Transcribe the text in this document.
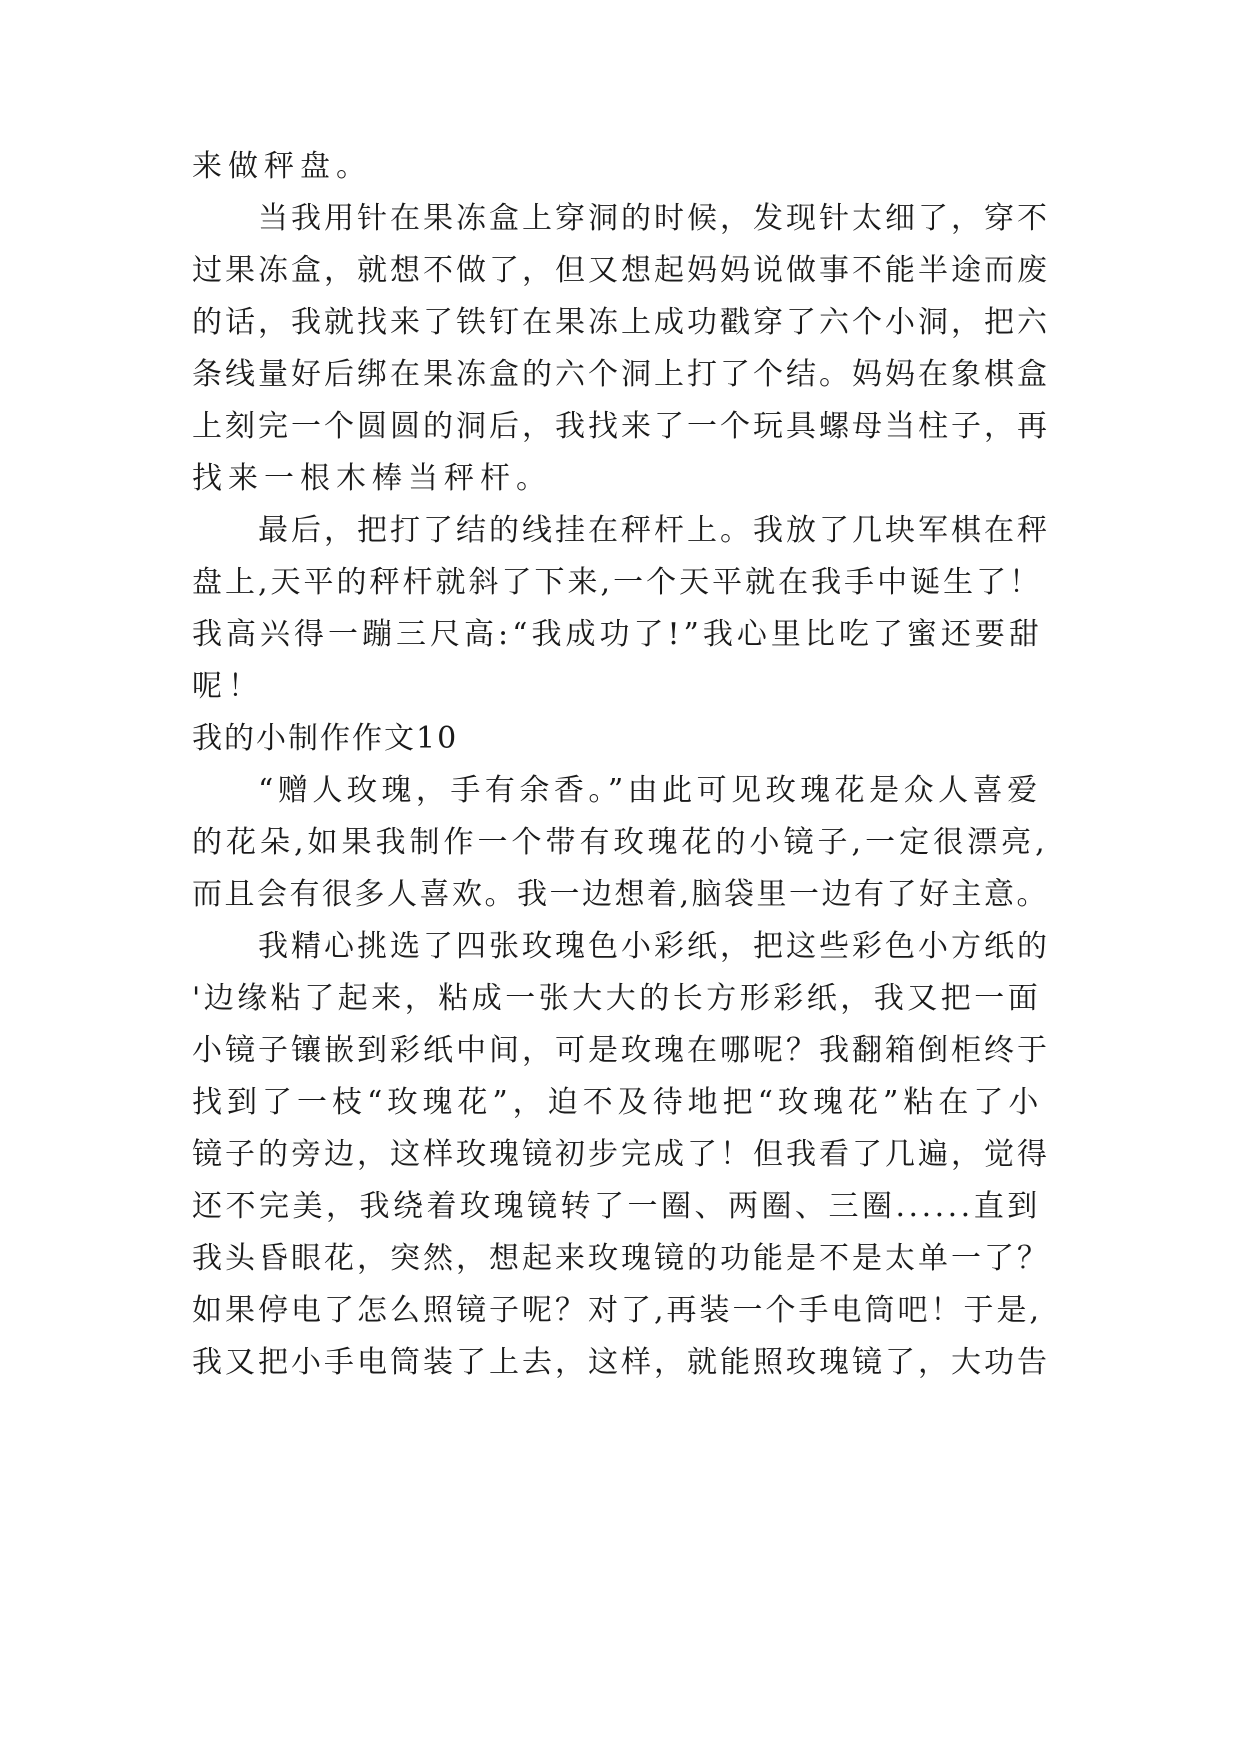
来做秤盘。
当我用针在果冻盒上穿洞的时候，发现针太细了，穿不
过果冻盒，就想不做了，但又想起妈妈说做事不能半途而废
的话，我就找来了铁钉在果冻上成功戳穿了六个小洞，把六
条线量好后绑在果冻盒的六个洞上打了个结。妈妈在象棋盒
上刻完一个圆圆的洞后，我找来了一个玩具螺母当柱子，再
找来一根木棒当秤杆。
最后，把打了结的线挂在秤杆上。我放了几块军棋在秤
盘上,天平的秤杆就斜了下来,一个天平就在我手中诞生了！
我高兴得一蹦三尺高:“我成功了!”我心里比吃了蜜还要甜
呢！
我的小制作作文10
“赠人玫瑰，手有余香。”由此可见玫瑰花是众人喜爱
的花朵,如果我制作一个带有玫瑰花的小镜子,一定很漂亮,
而且会有很多人喜欢。我一边想着,脑袋里一边有了好主意。
我精心挑选了四张玫瑰色小彩纸，把这些彩色小方纸的
'边缘粘了起来，粘成一张大大的长方形彩纸，我又把一面
小镜子镶嵌到彩纸中间，可是玫瑰在哪呢？我翻箱倒柜终于
找到了一枝“玫瑰花”，迫不及待地把“玫瑰花”粘在了小
镜子的旁边，这样玫瑰镜初步完成了！但我看了几遍，觉得
还不完美，我绕着玫瑰镜转了一圈、两圈、三圈......直到
我头昏眼花，突然，想起来玫瑰镜的功能是不是太单一了？
如果停电了怎么照镜子呢？对了,再装一个手电筒吧！于是,
我又把小手电筒装了上去，这样，就能照玫瑰镜了，大功告
